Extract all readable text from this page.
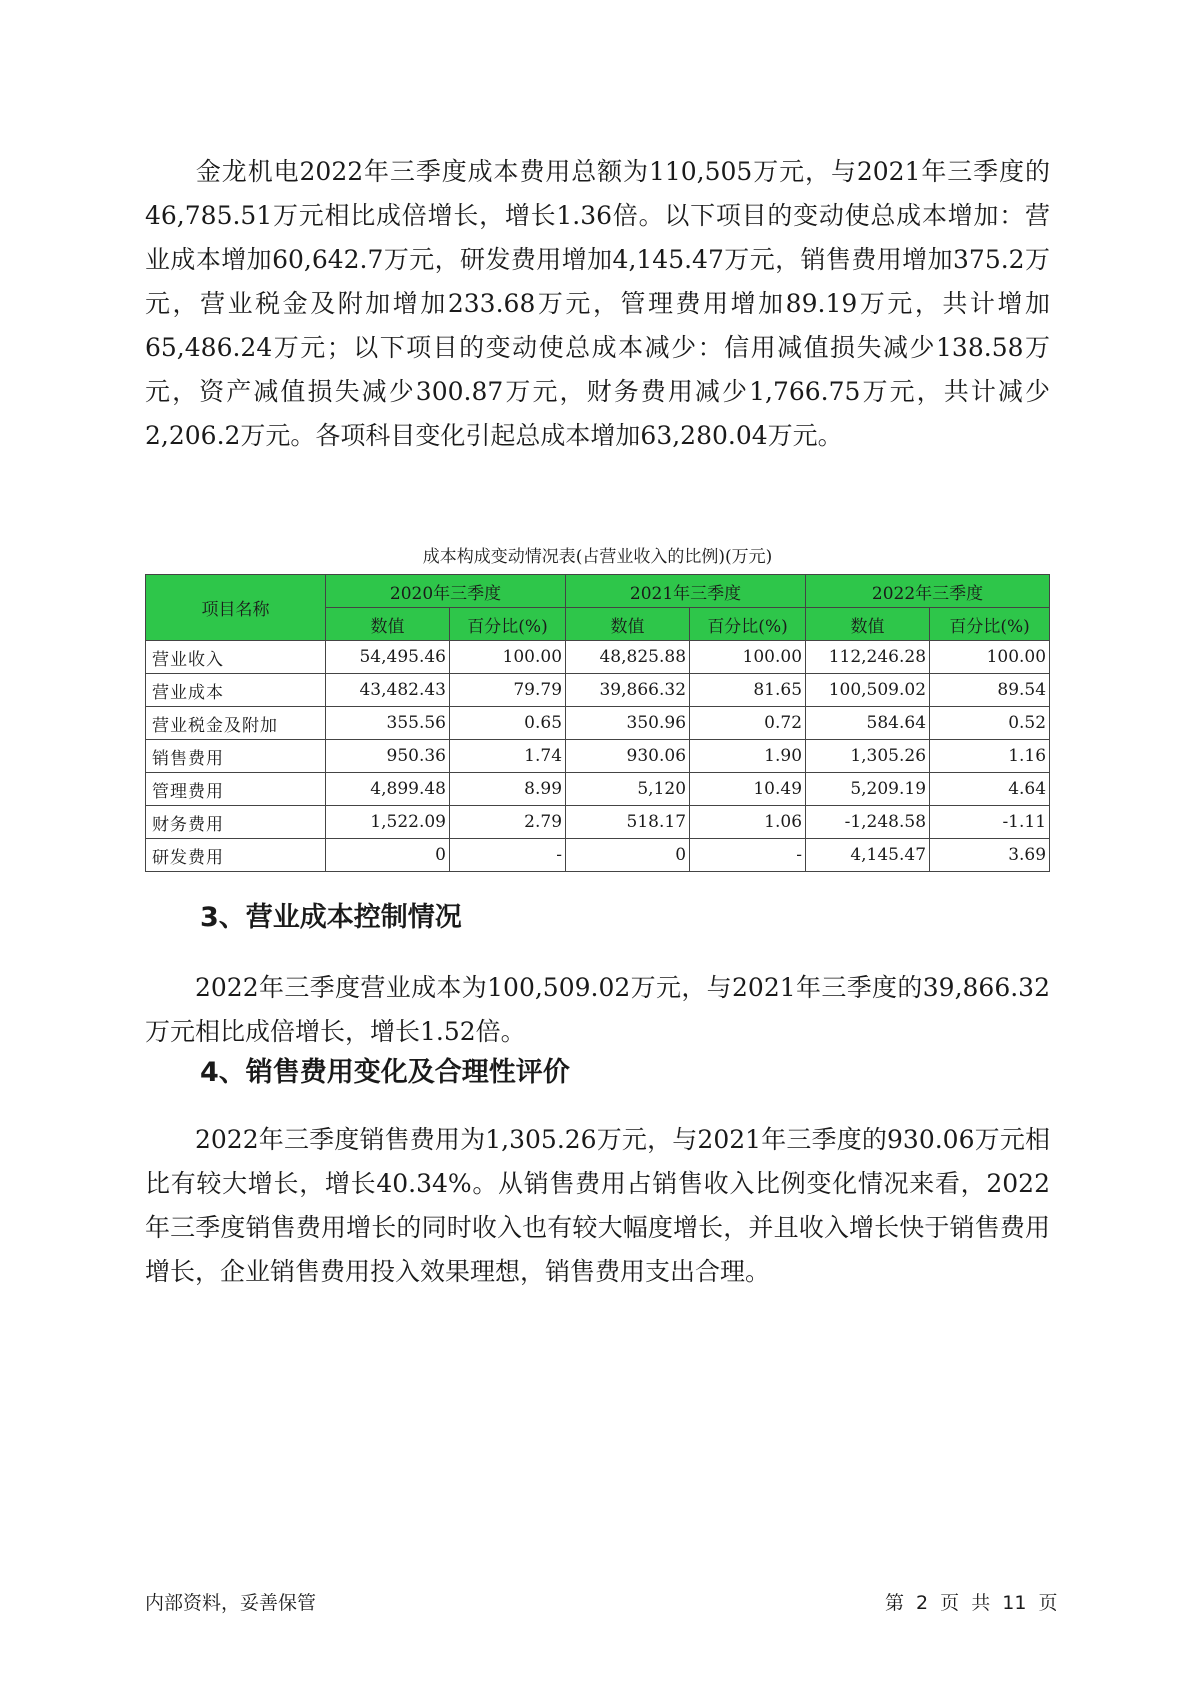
金龙机电2022年三季度成本费用总额为110,505万元，与2021年三季度的46,785.51万元相比成倍增长，增长1.36倍。以下项目的变动使总成本增加：营业成本增加60,642.7万元，研发费用增加4,145.47万元，销售费用增加375.2万元，营业税金及附加增加233.68万元，管理费用增加89.19万元，共计增加65,486.24万元；以下项目的变动使总成本减少：信用减值损失减少138.58万元，资产减值损失减少300.87万元，财务费用减少1,766.75万元，共计减少2,206.2万元。各项科目变化引起总成本增加63,280.04万元。

成本构成变动情况表(占营业收入的比例)(万元)

项目名称	2020年三季度		2021年三季度		2022年三季度	
	数值	百分比(%)	数值	百分比(%)	数值	百分比(%)
营业收入	54,495.46	100.00	48,825.88	100.00	112,246.28	100.00
营业成本	43,482.43	79.79	39,866.32	81.65	100,509.02	89.54
营业税金及附加	355.56	0.65	350.96	0.72	584.64	0.52
销售费用	950.36	1.74	930.06	1.90	1,305.26	1.16
管理费用	4,899.48	8.99	5,120	10.49	5,209.19	4.64
财务费用	1,522.09	2.79	518.17	1.06	-1,248.58	-1.11
研发费用	0	-	0	-	4,145.47	3.69
3、营业成本控制情况

2022年三季度营业成本为100,509.02万元，与2021年三季度的39,866.32万元相比成倍增长，增长1.52倍。

4、销售费用变化及合理性评价

2022年三季度销售费用为1,305.26万元，与2021年三季度的930.06万元相比有较大增长，增长40.34%。从销售费用占销售收入比例变化情况来看，2022年三季度销售费用增长的同时收入也有较大幅度增长，并且收入增长快于销售费用增长，企业销售费用投入效果理想，销售费用支出合理。

内部资料，妥善保管	第 2 页 共 11 页
